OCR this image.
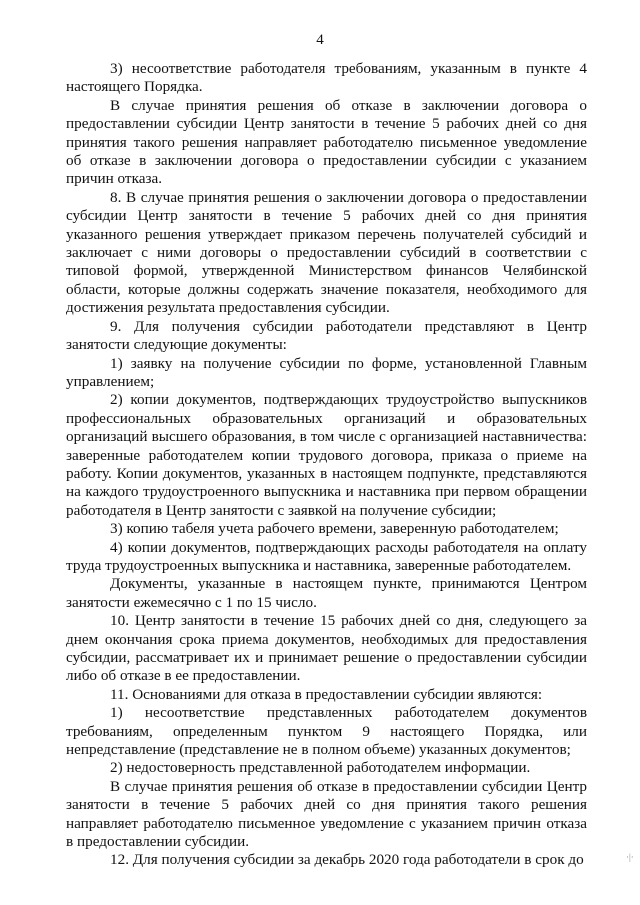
4

3) несоответствие работодателя требованиям, указанным в пункте 4 настоящего Порядка.

В случае принятия решения об отказе в заключении договора о предоставлении субсидии Центр занятости в течение 5 рабочих дней со дня принятия такого решения направляет работодателю письменное уведомление об отказе в заключении договора о предоставлении субсидии с указанием причин отказа.

8. В случае принятия решения о заключении договора о предоставлении субсидии Центр занятости в течение 5 рабочих дней со дня принятия указанного решения утверждает приказом перечень получателей субсидий и заключает с ними договоры о предоставлении субсидий в соответствии с типовой формой, утвержденной Министерством финансов Челябинской области, которые должны содержать значение показателя, необходимого для достижения результата предоставления субсидии.

9. Для получения субсидии работодатели представляют в Центр занятости следующие документы:

1) заявку на получение субсидии по форме, установленной Главным управлением;

2) копии документов, подтверждающих трудоустройство выпускников профессиональных образовательных организаций и образовательных организаций высшего образования, в том числе с организацией наставничества: заверенные работодателем копии трудового договора, приказа о приеме на работу. Копии документов, указанных в настоящем подпункте, представляются на каждого трудоустроенного выпускника и наставника при первом обращении работодателя в Центр занятости с заявкой на получение субсидии;

3) копию табеля учета рабочего времени, заверенную работодателем;

4) копии документов, подтверждающих расходы работодателя на оплату труда трудоустроенных выпускника и наставника, заверенные работодателем.

Документы, указанные в настоящем пункте, принимаются Центром занятости ежемесячно с 1 по 15 число.

10. Центр занятости в течение 15 рабочих дней со дня, следующего за днем окончания срока приема документов, необходимых для предоставления субсидии, рассматривает их и принимает решение о предоставлении субсидии либо об отказе в ее предоставлении.

11. Основаниями для отказа в предоставлении субсидии являются:

1) несоответствие представленных работодателем документов требованиям, определенным пунктом 9 настоящего Порядка, или непредставление (представление не в полном объеме) указанных документов;

2) недостоверность представленной работодателем информации.

В случае принятия решения об отказе в предоставлении субсидии Центр занятости в течение 5 рабочих дней со дня принятия такого решения направляет работодателю письменное уведомление с указанием причин отказа в предоставлении субсидии.

12. Для получения субсидии за декабрь 2020 года работодатели в срок до	·|·
